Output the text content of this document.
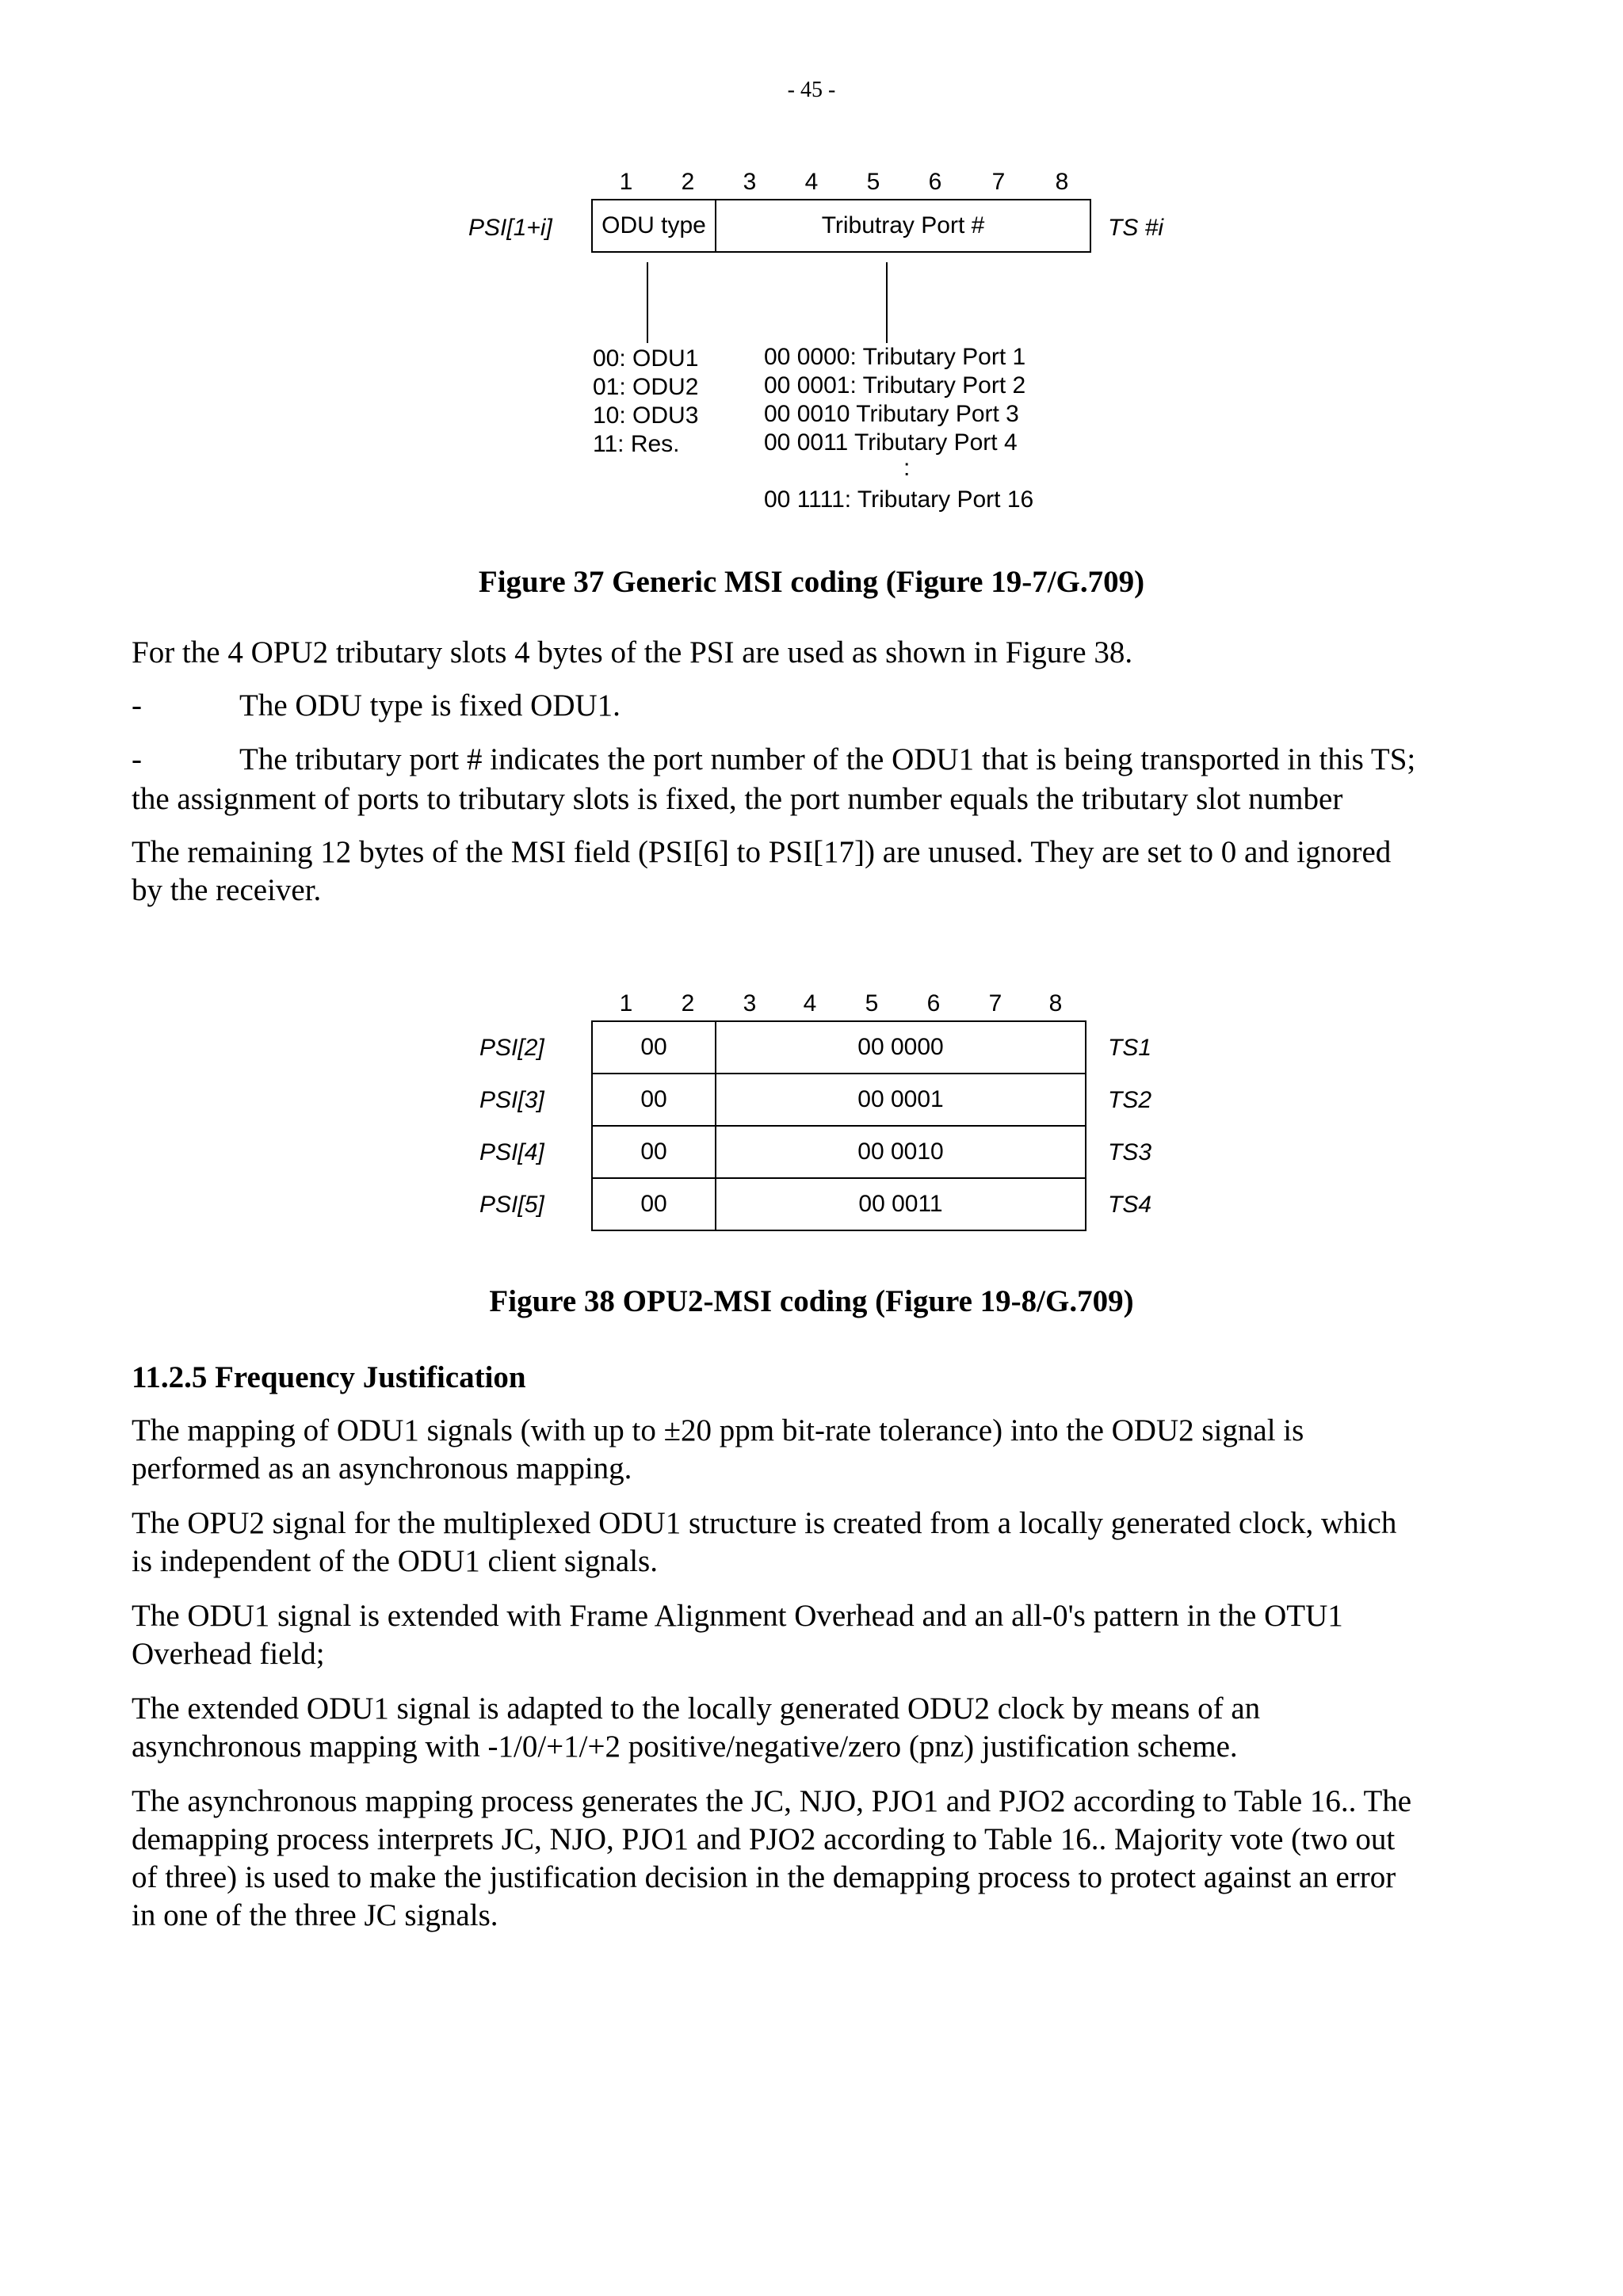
- 45 -
1	2	3	4	5	6	7	8
PSI[1+i] ODU type	Tributray Port #	TS #i
00: ODU1
01: ODU2
10: ODU3
11: Res.
00 0000: Tributary Port 1
00 0001: Tributary Port 2
00 0010 Tributary Port 3
00 0011 Tributary Port 4
:
00 1111: Tributary Port 16
Figure 37 Generic MSI coding (Figure 19-7/G.709)
For the 4 OPU2 tributary slots 4 bytes of the PSI are used as shown in Figure 38.
-	The ODU type is fixed ODU1.
-	The tributary port # indicates the port number of the ODU1 that is being transported in this TS;
the assignment of ports to tributary slots is fixed, the port number equals the tributary slot number
The remaining 12 bytes of the MSI field (PSI[6] to PSI[17]) are unused. They are set to 0 and ignored
by the receiver.
1	2	3	4	5	6	7	8
PSI[2]	00	00 0000	TS1
PSI[3]	00	00 0001	TS2
PSI[4]	00	00 0010	TS3
PSI[5]	00	00 0011	TS4
Figure 38 OPU2-MSI coding (Figure 19-8/G.709)
11.2.5 Frequency Justification
The mapping of ODU1 signals (with up to ±20 ppm bit-rate tolerance) into the ODU2 signal is
performed as an asynchronous mapping.
The OPU2 signal for the multiplexed ODU1 structure is created from a locally generated clock, which
is independent of the ODU1 client signals.
The ODU1 signal is extended with Frame Alignment Overhead and an all-0's pattern in the OTU1
Overhead field;
The extended ODU1 signal is adapted to the locally generated ODU2 clock by means of an
asynchronous mapping with -1/0/+1/+2 positive/negative/zero (pnz) justification scheme.
The asynchronous mapping process generates the JC, NJO, PJO1 and PJO2 according to Table 16.. The
demapping process interprets JC, NJO, PJO1 and PJO2 according to Table 16.. Majority vote (two out
of three) is used to make the justification decision in the demapping process to protect against an error
in one of the three JC signals.
